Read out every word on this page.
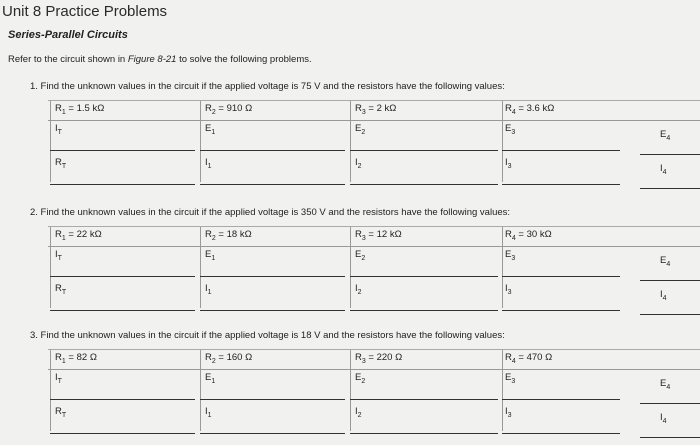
Unit 8 Practice Problems
Series-Parallel Circuits
Refer to the circuit shown in Figure 8-21 to solve the following problems.
1. Find the unknown values in the circuit if the applied voltage is 75 V and the resistors have the following values:
$R_1 = 1.5$ kΩ	$R_2 = 910$ Ω	$R_3 = 2$ kΩ	$R_4 = 3.6$ kΩ
$I_T$	$E_1$	$E_2$	$E_3$	$E_4$
$R_T$	$I_1$	$I_2$	$I_3$	$I_4$
2. Find the unknown values in the circuit if the applied voltage is 350 V and the resistors have the following values:
$R_1 = 22$ kΩ	$R_2 = 18$ kΩ	$R_3 = 12$ kΩ	$R_4 = 30$ kΩ
$I_T$	$E_1$	$E_2$	$E_3$	$E_4$
$R_T$	$I_1$	$I_2$	$I_3$	$I_4$
3. Find the unknown values in the circuit if the applied voltage is 18 V and the resistors have the following values:
$R_1 = 82$ Ω	$R_2 = 160$ Ω	$R_3 = 220$ Ω	$R_4 = 470$ Ω
$I_T$	$E_1$	$E_2$	$E_3$	$E_4$
$R_T$	$I_1$	$I_2$	$I_3$	$I_4$
